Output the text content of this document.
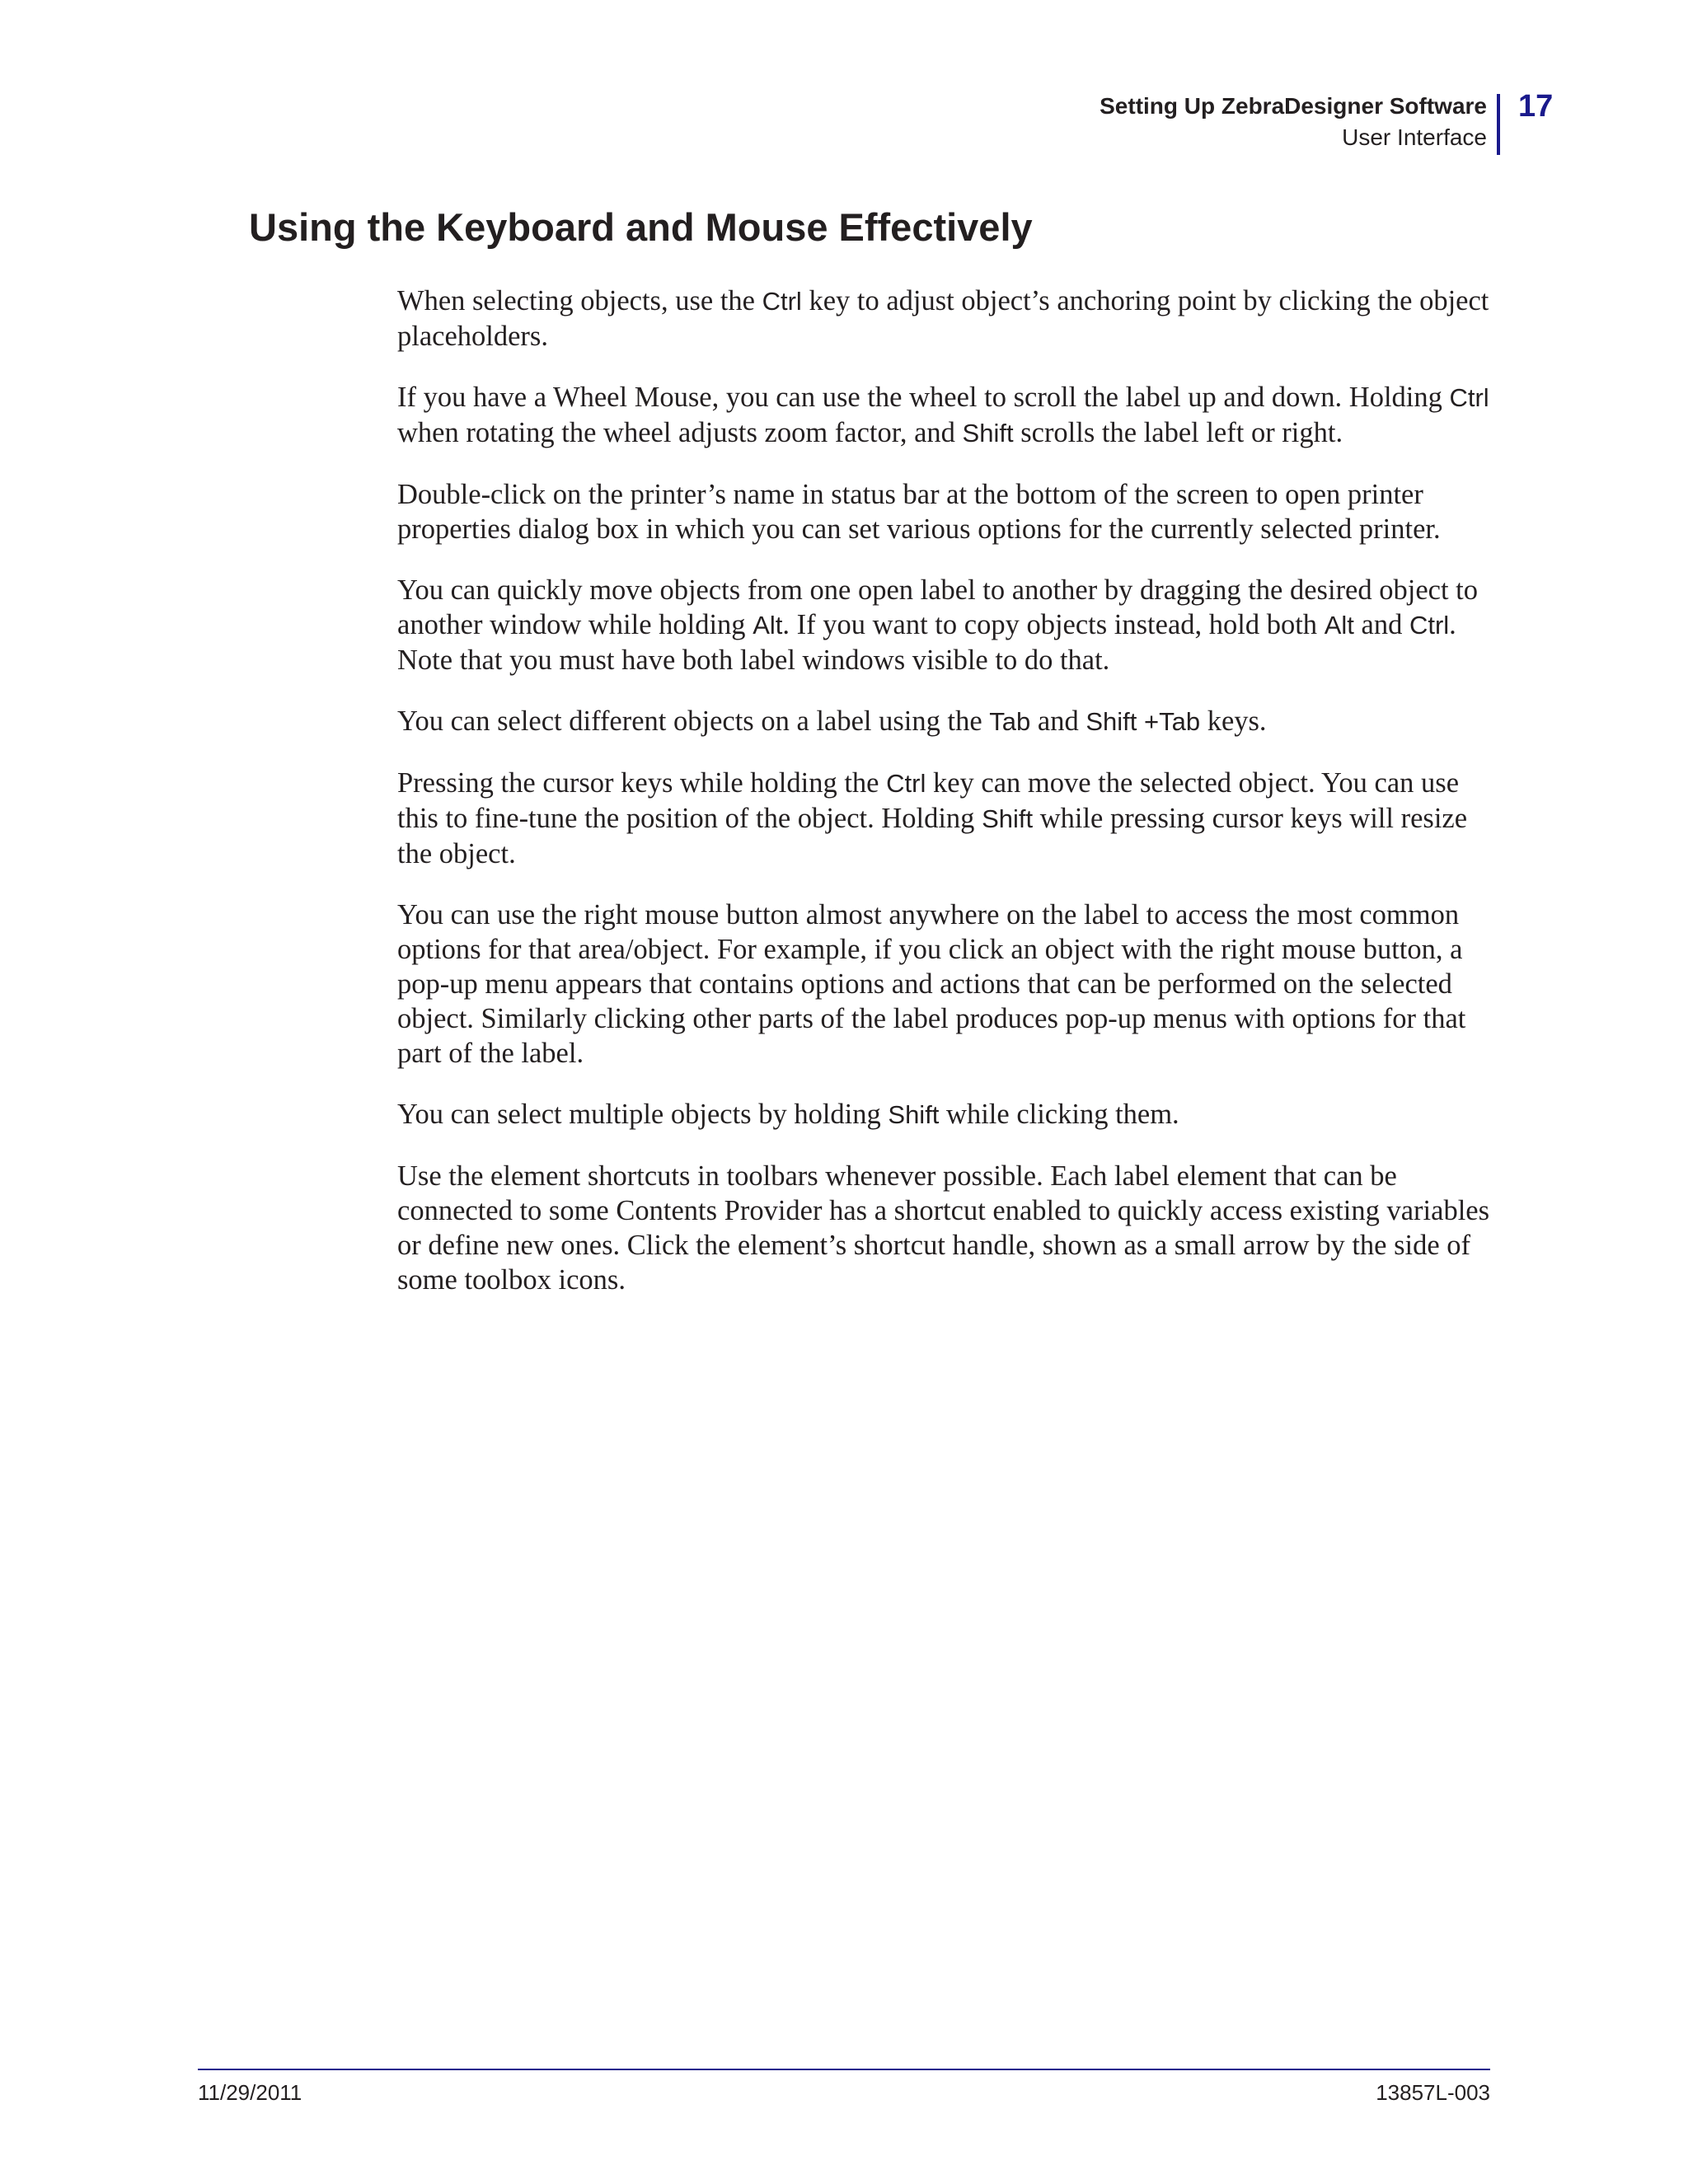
Setting Up ZebraDesigner Software
User Interface
17
Using the Keyboard and Mouse Effectively

When selecting objects, use the Ctrl key to adjust object’s anchoring point by clicking the object placeholders.

If you have a Wheel Mouse, you can use the wheel to scroll the label up and down. Holding Ctrl when rotating the wheel adjusts zoom factor, and Shift scrolls the label left or right.

Double-click on the printer’s name in status bar at the bottom of the screen to open printer properties dialog box in which you can set various options for the currently selected printer.

You can quickly move objects from one open label to another by dragging the desired object to another window while holding Alt. If you want to copy objects instead, hold both Alt and Ctrl. Note that you must have both label windows visible to do that.

You can select different objects on a label using the Tab and Shift +Tab keys.

Pressing the cursor keys while holding the Ctrl key can move the selected object. You can use this to fine-tune the position of the object. Holding Shift while pressing cursor keys will resize the object.

You can use the right mouse button almost anywhere on the label to access the most common options for that area/object. For example, if you click an object with the right mouse button, a pop-up menu appears that contains options and actions that can be performed on the selected object. Similarly clicking other parts of the label produces pop-up menus with options for that part of the label.

You can select multiple objects by holding Shift while clicking them.

Use the element shortcuts in toolbars whenever possible. Each label element that can be connected to some Contents Provider has a shortcut enabled to quickly access existing variables or define new ones. Click the element’s shortcut handle, shown as a small arrow by the side of some toolbox icons.

11/29/2011	13857L-003
